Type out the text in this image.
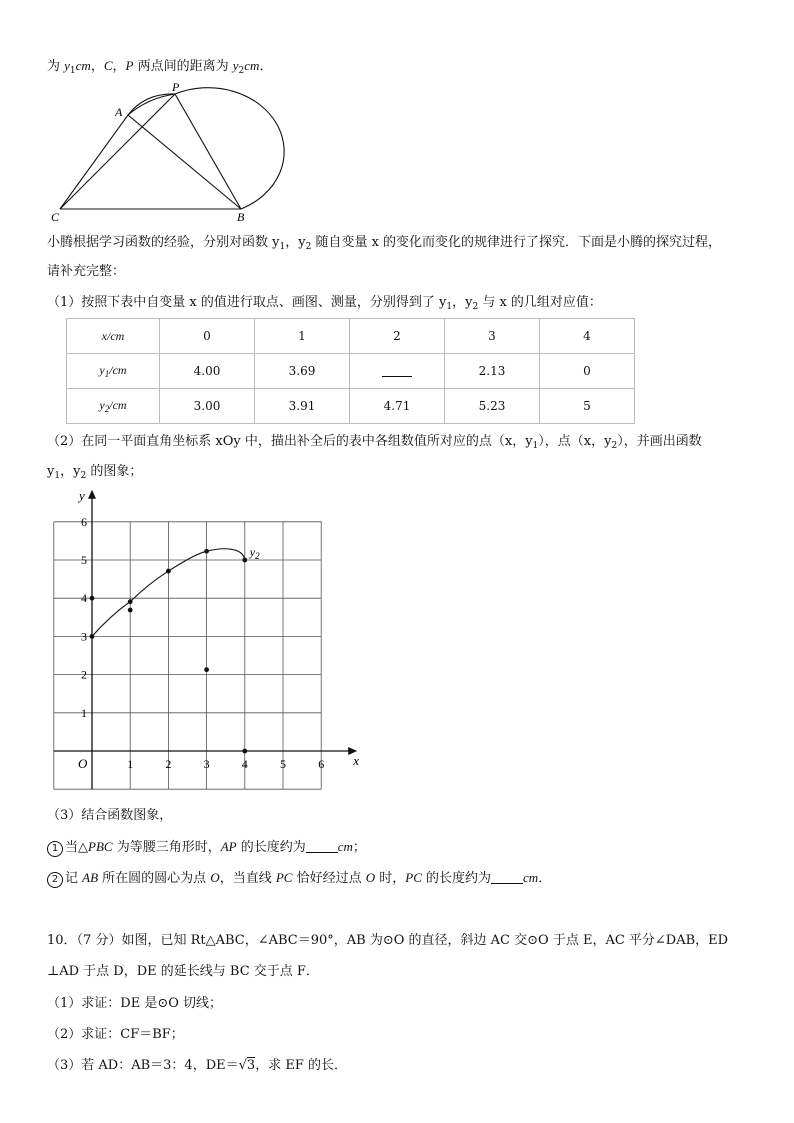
为 $y_1cm$，C，P 两点间的距离为 $y_2cm$．
A
P
C	B
小腾根据学习函数的经验，分别对函数 $y_1$，$y_2$ 随自变量 x 的变化而变化的规律进行了探究．下面是小腾的探究过程，
请补充完整：
（1）按照下表中自变量 x 的值进行取点、画图、测量，分别得到了 $y_1$，$y_2$ 与 x 的几组对应值：
x/cm	0	1	2	3	4
$y_1/cm$	4.00	3.69		2.13	0
$y_2/cm$	3.00	3.91	4.71	5.23	5
（2）在同一平面直角坐标系 xOy 中，描出补全后的表中各组数值所对应的点（x，$y_1$），点（x，$y_2$），并画出函数
$y_1$，$y_2$ 的图象；
1	2	3	4	5	6
1
2
3
4
5
6
x
y
O
$y_2$
（3）结合函数图象，
1 当△PBC 为等腰三角形时，AP 的长度约为 cm；
2 记 AB 所在圆的圆心为点 O，当直线 PC 恰好经过点 O 时，PC 的长度约为 cm．
10．（7 分）如图，已知 Rt△ABC，∠ABC＝90°，AB 为⊙O 的直径，斜边 AC 交⊙O 于点 E，AC 平分∠DAB，ED
⊥AD 于点 D，DE 的延长线与 BC 交于点 F．
（1）求证：DE 是⊙O 切线；
（2）求证：CF＝BF；
（3）若 AD：AB＝3：4，DE＝√3，求 EF 的长．
